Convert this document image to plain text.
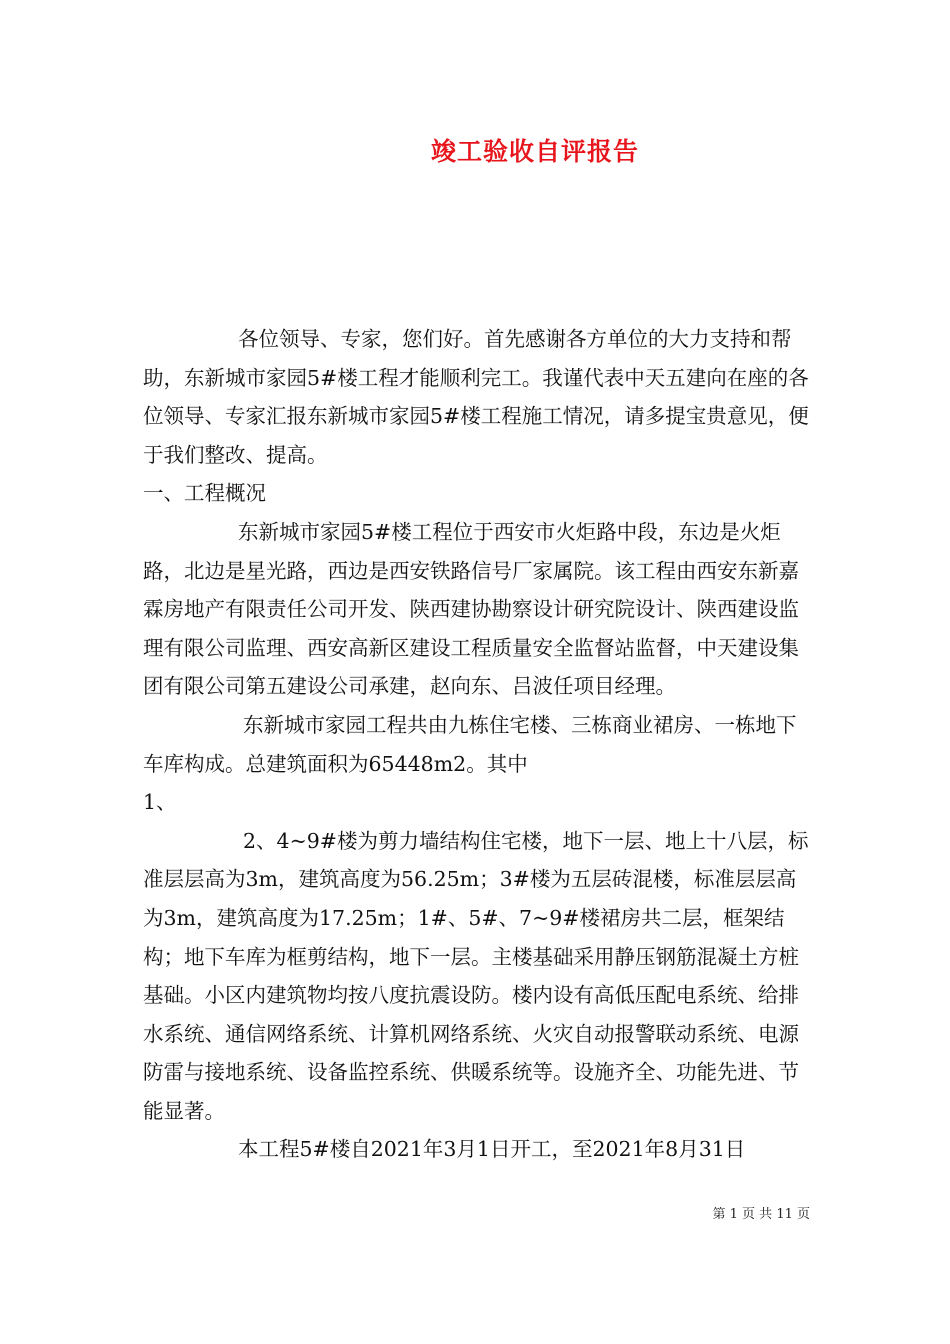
竣工验收自评报告

各位领导、专家，您们好。首先感谢各方单位的大力支持和帮助，东新城市家园5#楼工程才能顺利完工。我谨代表中天五建向在座的各位领导、专家汇报东新城市家园5#楼工程施工情况，请多提宝贵意见，便于我们整改、提高。

一、工程概况

东新城市家园5#楼工程位于西安市火炬路中段，东边是火炬路，北边是星光路，西边是西安铁路信号厂家属院。该工程由西安东新嘉霖房地产有限责任公司开发、陕西建协勘察设计研究院设计、陕西建设监理有限公司监理、西安高新区建设工程质量安全监督站监督，中天建设集团有限公司第五建设公司承建，赵向东、吕波任项目经理。

东新城市家园工程共由九栋住宅楼、三栋商业裙房、一栋地下车库构成。总建筑面积为65448m2。其中

1、

2、4~9#楼为剪力墙结构住宅楼，地下一层、地上十八层，标准层层高为3m，建筑高度为56.25m；3#楼为五层砖混楼，标准层层高为3m，建筑高度为17.25m；1#、5#、7~9#楼裙房共二层，框架结构；地下车库为框剪结构，地下一层。主楼基础采用静压钢筋混凝土方桩基础。小区内建筑物均按八度抗震设防。楼内设有高低压配电系统、给排水系统、通信网络系统、计算机网络系统、火灾自动报警联动系统、电源防雷与接地系统、设备监控系统、供暖系统等。设施齐全、功能先进、节能显著。

本工程5#楼自2021年3月1日开工，至2021年8月31日

第 1 页 共 11 页
